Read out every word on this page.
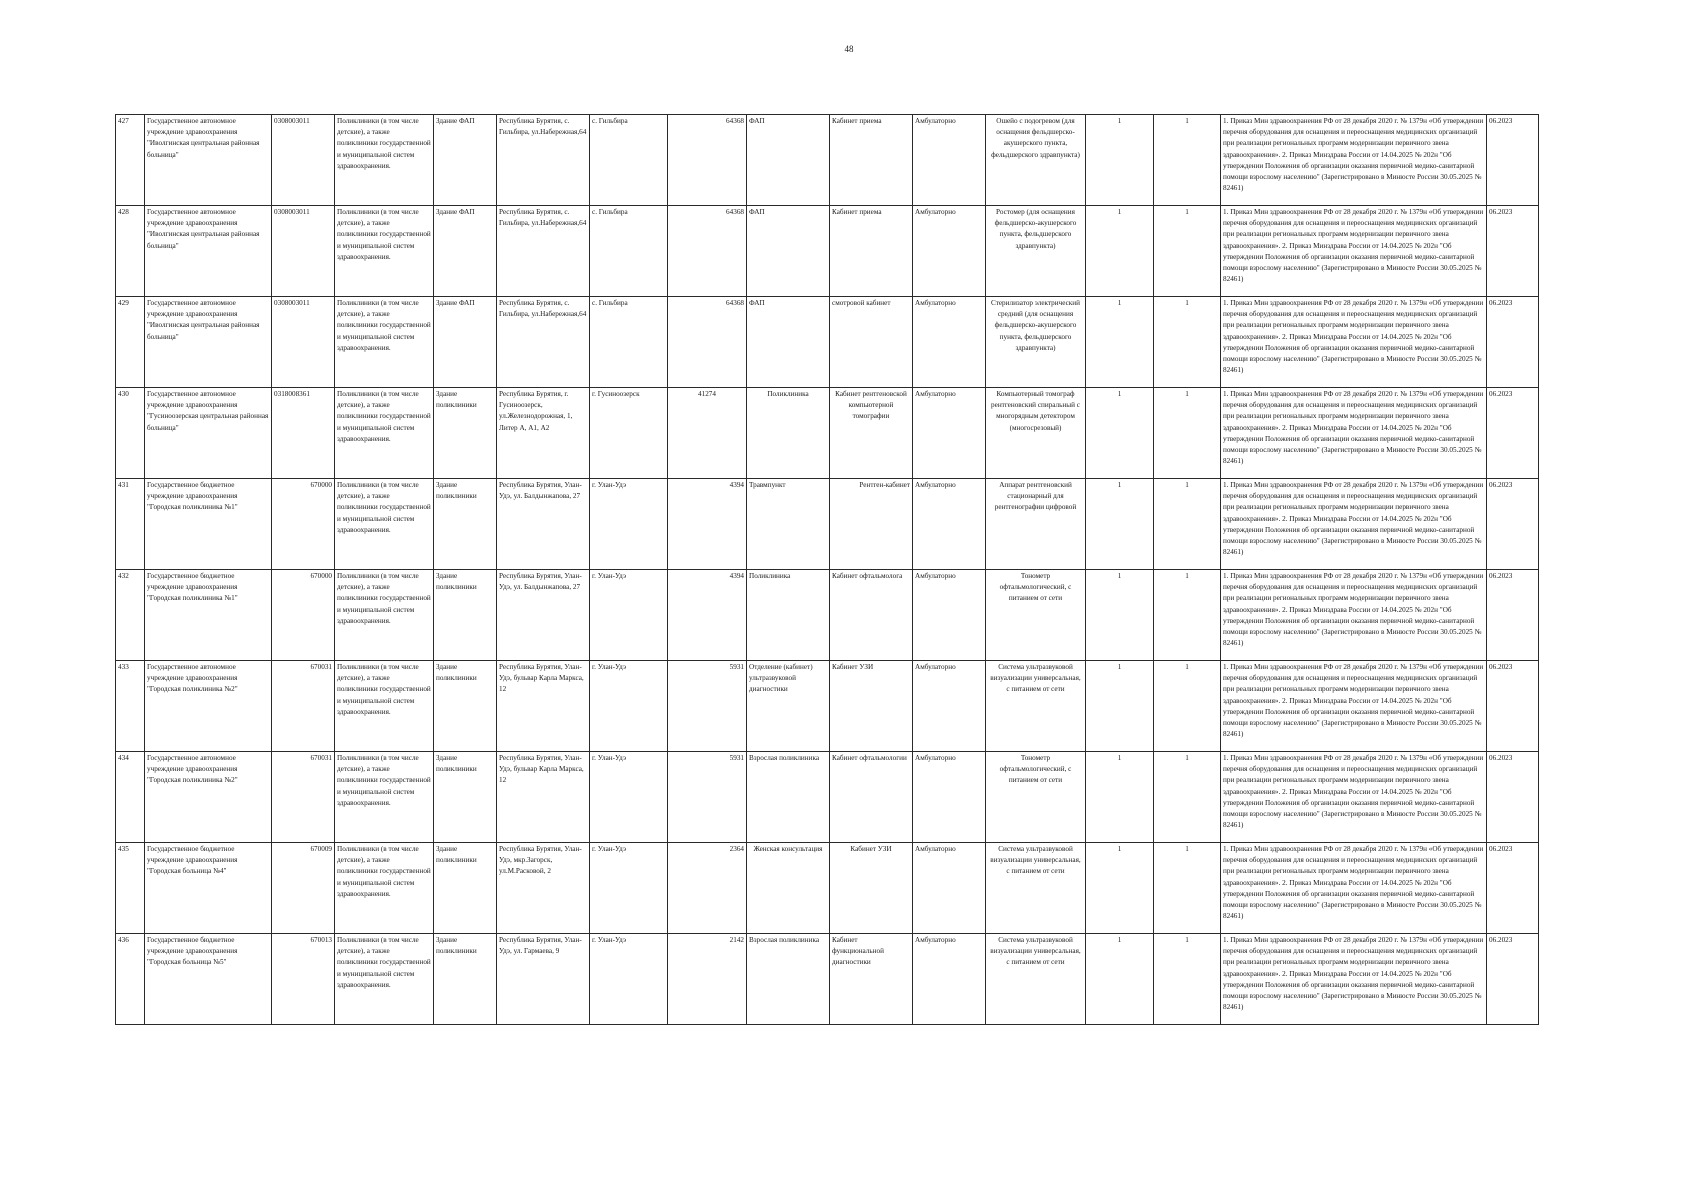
48
427	Государственное автономное учреждение здравоохранения "Иволгинская центральная районная больница"	0308003011	Поликлиники (в том числе детские), а также поликлиники государственной и муниципальной систем здравоохранения.	Здание ФАП	Республика Бурятия, с. Гильбира, ул.Набережная,64	с. Гильбира	64368	ФАП	Кабинет приема	Амбулаторно	Ошейо с подогревом (для оснащения фельдшерско-акушерского пункта, фельдшерского здравпункта)	1	1	1. Приказ Мин здравоохранения РФ от 28 декабря 2020 г. № 1379н «Об утверждении перечня оборудования для оснащения и переоснащения медицинских организаций при реализации региональных программ модернизации первичного звена здравоохранения». 2. Приказ Минздрава России от 14.04.2025 № 202н "Об утверждении Положения об организации оказания первичной медико-санитарной помощи взрослому населению" (Зарегистрировано в Минюсте России 30.05.2025 № 82461)	06.2023
428	Государственное автономное учреждение здравоохранения "Иволгинская центральная районная больница"	0308003011	Поликлиники (в том числе детские), а также поликлиники государственной и муниципальной систем здравоохранения.	Здание ФАП	Республика Бурятия, с. Гильбира, ул.Набережная,64	с. Гильбира	64368	ФАП	Кабинет приема	Амбулаторно	Ростомер (для оснащения фельдшерско-акушерского пункта, фельдшерского здравпункта)	1	1	1. Приказ Мин здравоохранения РФ от 28 декабря 2020 г. № 1379н «Об утверждении перечня оборудования для оснащения и переоснащения медицинских организаций при реализации региональных программ модернизации первичного звена здравоохранения». 2. Приказ Минздрава России от 14.04.2025 № 202н "Об утверждении Положения об организации оказания первичной медико-санитарной помощи взрослому населению" (Зарегистрировано в Минюсте России 30.05.2025 № 82461)	06.2023
429	Государственное автономное учреждение здравоохранения "Иволгинская центральная районная больница"	0308003011	Поликлиники (в том числе детские), а также поликлиники государственной и муниципальной систем здравоохранения.	Здание ФАП	Республика Бурятия, с. Гильбира, ул.Набережная,64	с. Гильбира	64368	ФАП	смотровой кабинет	Амбулаторно	Стерилизатор электрический средний (для оснащения фельдшерско-акушерского пункта, фельдшерского здравпункта)	1	1	1. Приказ Мин здравоохранения РФ от 28 декабря 2020 г. № 1379н «Об утверждении перечня оборудования для оснащения и переоснащения медицинских организаций при реализации региональных программ модернизации первичного звена здравоохранения». 2. Приказ Минздрава России от 14.04.2025 № 202н "Об утверждении Положения об организации оказания первичной медико-санитарной помощи взрослому населению" (Зарегистрировано в Минюсте России 30.05.2025 № 82461)	06.2023
430	Государственное автономное учреждение здравоохранения "Гусиноозерская центральная районная больница"	0318008361	Поликлиники (в том числе детские), а также поликлиники государственной и муниципальной систем здравоохранения.	Здание поликлиники	Республика Бурятия, г. Гусиноозерск, ул.Железнодорожная, 1, Литер А, А1, А2	г. Гусиноозерск	41274	Поликлиника	Кабинет рентгеновской компьютерной томографии	Амбулаторно	Компьютерный томограф рентгеновский спиральный с многорядным детектором (многосрезовый)	1	1	1. Приказ Мин здравоохранения РФ от 28 декабря 2020 г. № 1379н «Об утверждении перечня оборудования для оснащения и переоснащения медицинских организаций при реализации региональных программ модернизации первичного звена здравоохранения». 2. Приказ Минздрава России от 14.04.2025 № 202н "Об утверждении Положения об организации оказания первичной медико-санитарной помощи взрослому населению" (Зарегистрировано в Минюсте России 30.05.2025 № 82461)	06.2023
431	Государственное бюджетное учреждение здравоохранения "Городская поликлиника №1"	670000	Поликлиники (в том числе детские), а также поликлиники государственной и муниципальной систем здравоохранения.	Здание поликлиники	Республика Бурятия, Улан-Удэ, ул. Балдынжапова, 27	г. Улан-Удэ	4394	Травмпункт	Рентген-кабинет	Амбулаторно	Аппарат рентгеновский стационарный для рентгенографии цифровой	1	1	1. Приказ Мин здравоохранения РФ от 28 декабря 2020 г. № 1379н «Об утверждении перечня оборудования для оснащения и переоснащения медицинских организаций при реализации региональных программ модернизации первичного звена здравоохранения». 2. Приказ Минздрава России от 14.04.2025 № 202н "Об утверждении Положения об организации оказания первичной медико-санитарной помощи взрослому населению" (Зарегистрировано в Минюсте России 30.05.2025 № 82461)	06.2023
432	Государственное бюджетное учреждение здравоохранения "Городская поликлиника №1"	670000	Поликлиники (в том числе детские), а также поликлиники государственной и муниципальной систем здравоохранения.	Здание поликлиники	Республика Бурятия, Улан-Удэ, ул. Балдынжапова, 27	г. Улан-Удэ	4394	Поликлиника	Кабинет офтальмолога	Амбулаторно	Тонометр офтальмологический, с питанием от сети	1	1	1. Приказ Мин здравоохранения РФ от 28 декабря 2020 г. № 1379н «Об утверждении перечня оборудования для оснащения и переоснащения медицинских организаций при реализации региональных программ модернизации первичного звена здравоохранения». 2. Приказ Минздрава России от 14.04.2025 № 202н "Об утверждении Положения об организации оказания первичной медико-санитарной помощи взрослому населению" (Зарегистрировано в Минюсте России 30.05.2025 № 82461)	06.2023
433	Государственное автономное учреждение здравоохранения "Городская поликлиника №2"	670031	Поликлиники (в том числе детские), а также поликлиники государственной и муниципальной систем здравоохранения.	Здание поликлиники	Республика Бурятия, Улан-Удэ, бульвар Карла Маркса, 12	г. Улан-Удэ	5931	Отделение (кабинет) ультразвуковой диагностики	Кабинет УЗИ	Амбулаторно	Система ультразвуковой визуализации универсальная, с питанием от сети	1	1	1. Приказ Мин здравоохранения РФ от 28 декабря 2020 г. № 1379н «Об утверждении перечня оборудования для оснащения и переоснащения медицинских организаций при реализации региональных программ модернизации первичного звена здравоохранения». 2. Приказ Минздрава России от 14.04.2025 № 202н "Об утверждении Положения об организации оказания первичной медико-санитарной помощи взрослому населению" (Зарегистрировано в Минюсте России 30.05.2025 № 82461)	06.2023
434	Государственное автономное учреждение здравоохранения "Городская поликлиника №2"	670031	Поликлиники (в том числе детские), а также поликлиники государственной и муниципальной систем здравоохранения.	Здание поликлиники	Республика Бурятия, Улан-Удэ, бульвар Карла Маркса, 12	г. Улан-Удэ	5931	Взрослая поликлиника	Кабинет офтальмологии	Амбулаторно	Тонометр офтальмологический, с питанием от сети	1	1	1. Приказ Мин здравоохранения РФ от 28 декабря 2020 г. № 1379н «Об утверждении перечня оборудования для оснащения и переоснащения медицинских организаций при реализации региональных программ модернизации первичного звена здравоохранения». 2. Приказ Минздрава России от 14.04.2025 № 202н "Об утверждении Положения об организации оказания первичной медико-санитарной помощи взрослому населению" (Зарегистрировано в Минюсте России 30.05.2025 № 82461)	06.2023
435	Государственное бюджетное учреждение здравоохранения "Городская больница №4"	670009	Поликлиники (в том числе детские), а также поликлиники государственной и муниципальной систем здравоохранения.	Здание поликлиники	Республика Бурятия, Улан-Удэ, мкр.Загорск, ул.М.Расковой, 2	г. Улан-Удэ	2364	Женская консультация	Кабинет УЗИ	Амбулаторно	Система ультразвуковой визуализации универсальная, с питанием от сети	1	1	1. Приказ Мин здравоохранения РФ от 28 декабря 2020 г. № 1379н «Об утверждении перечня оборудования для оснащения и переоснащения медицинских организаций при реализации региональных программ модернизации первичного звена здравоохранения». 2. Приказ Минздрава России от 14.04.2025 № 202н "Об утверждении Положения об организации оказания первичной медико-санитарной помощи взрослому населению" (Зарегистрировано в Минюсте России 30.05.2025 № 82461)	06.2023
436	Государственное бюджетное учреждение здравоохранения "Городская больница №5"	670013	Поликлиники (в том числе детские), а также поликлиники государственной и муниципальной систем здравоохранения.	Здание поликлиники	Республика Бурятия, Улан-Удэ, ул. Гармаева, 9	г. Улан-Удэ	2142	Взрослая поликлиника	Кабинет функциональной диагностики	Амбулаторно	Система ультразвуковой визуализации универсальная, с питанием от сети	1	1	1. Приказ Мин здравоохранения РФ от 28 декабря 2020 г. № 1379н «Об утверждении перечня оборудования для оснащения и переоснащения медицинских организаций при реализации региональных программ модернизации первичного звена здравоохранения». 2. Приказ Минздрава России от 14.04.2025 № 202н "Об утверждении Положения об организации оказания первичной медико-санитарной помощи взрослому населению" (Зарегистрировано в Минюсте России 30.05.2025 № 82461)	06.2023
